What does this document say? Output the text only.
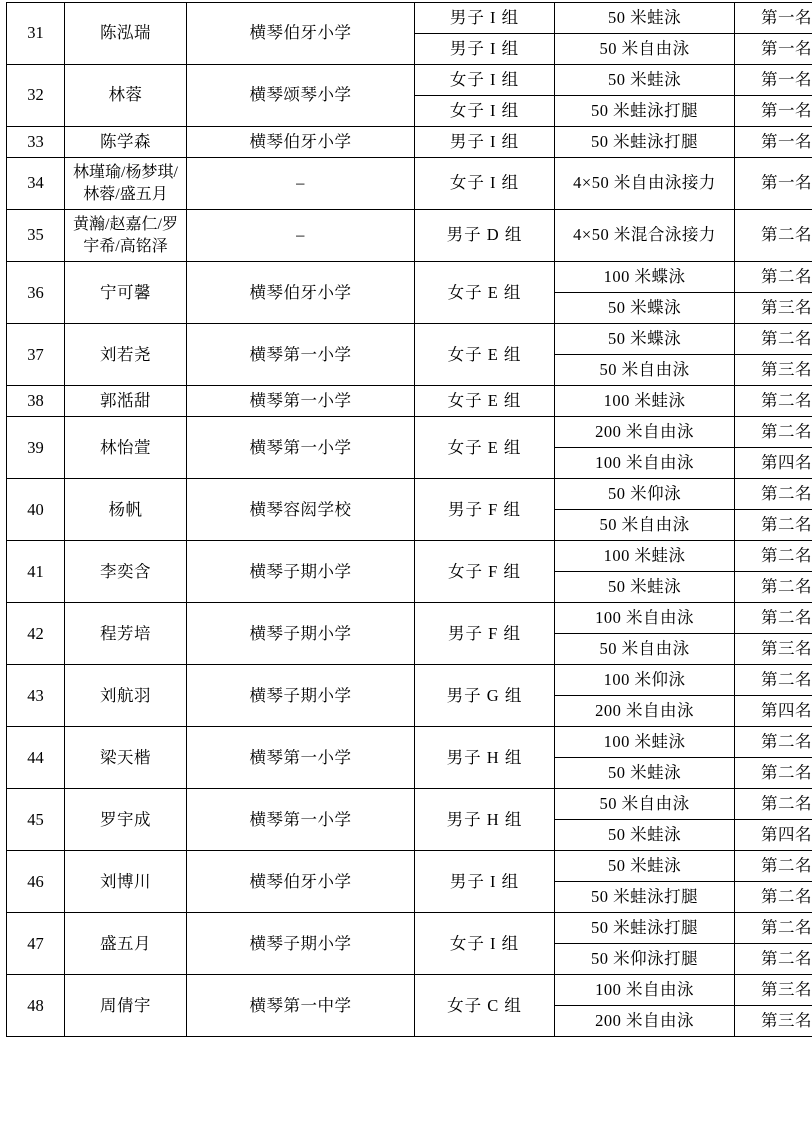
31	陈泓瑞	横琴伯牙小学	男子 I 组	50 米蛙泳	第一名
			男子 I 组	50 米自由泳	第一名
32	林蓉	横琴颂琴小学	女子 I 组	50 米蛙泳	第一名
			女子 I 组	50 米蛙泳打腿	第一名
33	陈学森	横琴伯牙小学	男子 I 组	50 米蛙泳打腿	第一名
34	林瑾瑜/杨梦琪/林蓉/盛五月	–	女子 I 组	4×50 米自由泳接力	第一名
35	黄瀚/赵嘉仁/罗宇希/高铭泽	–	男子 D 组	4×50 米混合泳接力	第二名
36	宁可馨	横琴伯牙小学	女子 E 组	100 米蝶泳	第二名
				50 米蝶泳	第三名
37	刘若尧	横琴第一小学	女子 E 组	50 米蝶泳	第二名
				50 米自由泳	第三名
38	郭湉甜	横琴第一小学	女子 E 组	100 米蛙泳	第二名
39	林怡萱	横琴第一小学	女子 E 组	200 米自由泳	第二名
				100 米自由泳	第四名
40	杨帆	横琴容闳学校	男子 F 组	50 米仰泳	第二名
				50 米自由泳	第二名
41	李奕含	横琴子期小学	女子 F 组	100 米蛙泳	第二名
				50 米蛙泳	第二名
42	程芳培	横琴子期小学	男子 F 组	100 米自由泳	第二名
				50 米自由泳	第三名
43	刘航羽	横琴子期小学	男子 G 组	100 米仰泳	第二名
				200 米自由泳	第四名
44	梁天楷	横琴第一小学	男子 H 组	100 米蛙泳	第二名
				50 米蛙泳	第二名
45	罗宇成	横琴第一小学	男子 H 组	50 米自由泳	第二名
				50 米蛙泳	第四名
46	刘博川	横琴伯牙小学	男子 I 组	50 米蛙泳	第二名
				50 米蛙泳打腿	第二名
47	盛五月	横琴子期小学	女子 I 组	50 米蛙泳打腿	第二名
				50 米仰泳打腿	第二名
48	周倩宇	横琴第一中学	女子 C 组	100 米自由泳	第三名
				200 米自由泳	第三名
